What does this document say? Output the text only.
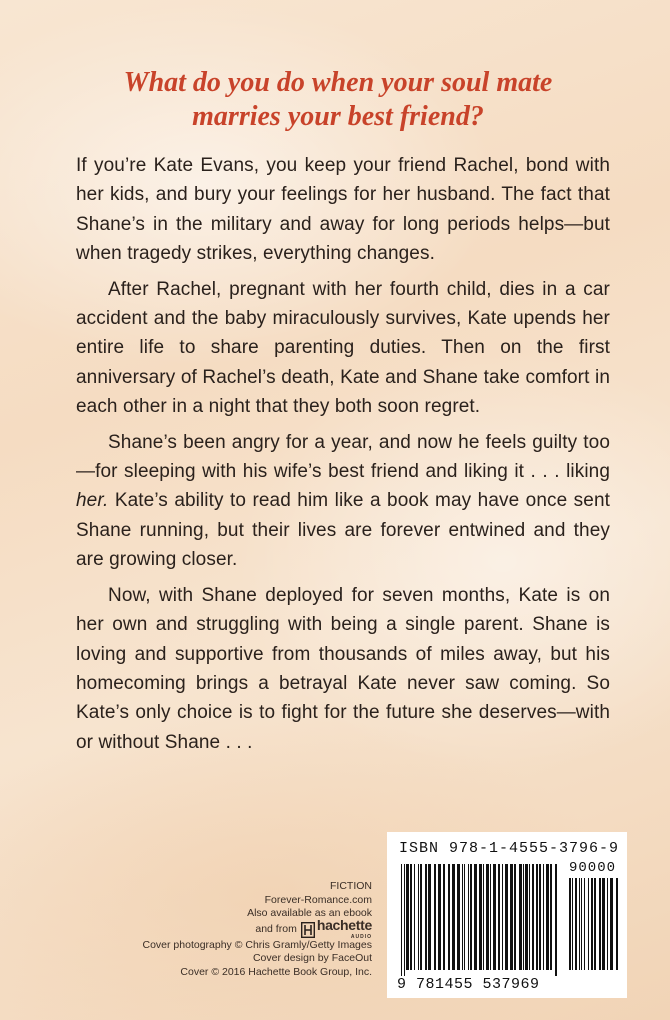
What do you do when your soul mate
marries your best friend?

If you’re Kate Evans, you keep your friend Rachel, bond with her kids, and bury your feelings for her husband. The fact that Shane’s in the military and away for long periods helps—but when tragedy strikes, everything changes.

After Rachel, pregnant with her fourth child, dies in a car accident and the baby miraculously survives, Kate upends her entire life to share parenting duties. Then on the first anniversary of Rachel’s death, Kate and Shane take comfort in each other in a night that they both soon regret.

Shane’s been angry for a year, and now he feels guilty too—for sleeping with his wife’s best friend and liking it . . . liking her. Kate’s ability to read him like a book may have once sent Shane running, but their lives are forever entwined and they are growing closer.

Now, with Shane deployed for seven months, Kate is on her own and struggling with being a single parent. Shane is loving and supportive from thousands of miles away, but his homecoming brings a betrayal Kate never saw coming. So Kate’s only choice is to fight for the future she deserves—with or without Shane . . .

FICTION
Forever-Romance.com
Also available as an ebook
and from hachette
AUDIO
Cover photography © Chris Gramly/Getty Images
Cover design by FaceOut
Cover © 2016 Hachette Book Group, Inc.
ISBN 978-1-4555-3796-9
90000
9 781455 537969
